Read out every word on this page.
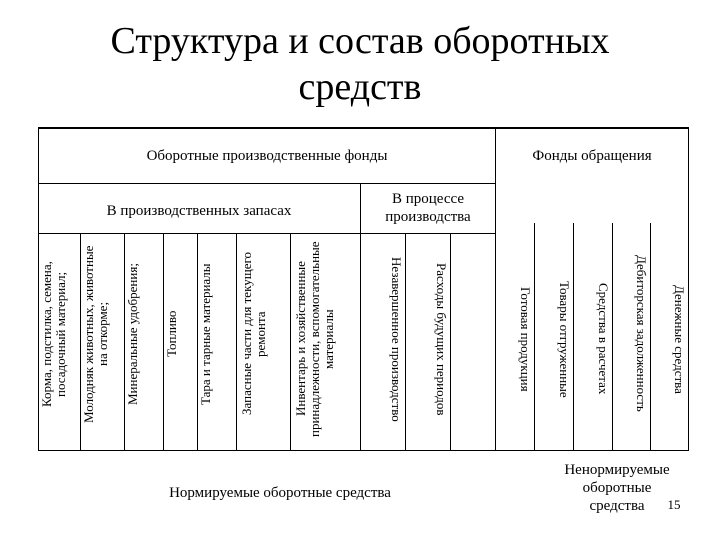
Структура и состав оборотных
средств
Оборотные производственные фонды	Фонды обращения
В производственных запасах
В процессе
производства
Корма, подстилка, семена, посадочный материал;	Молодняк животных, животные на откорме;	Минеральные удобрения;	Топливо	Тара и тарные материалы	Запасные части для текущего ремонта	Инвентарь и хозяйственные принадлежности, вспомогательные материалы	Незавершенное производство	Расходы будущих периодов	Готовая продукция	Товары отгруженные	Средства в расчетах	Дебиторская задолженность	Денежные средства
Нормируемые оборотные средства
Ненормируемые
оборотные
средства	15
